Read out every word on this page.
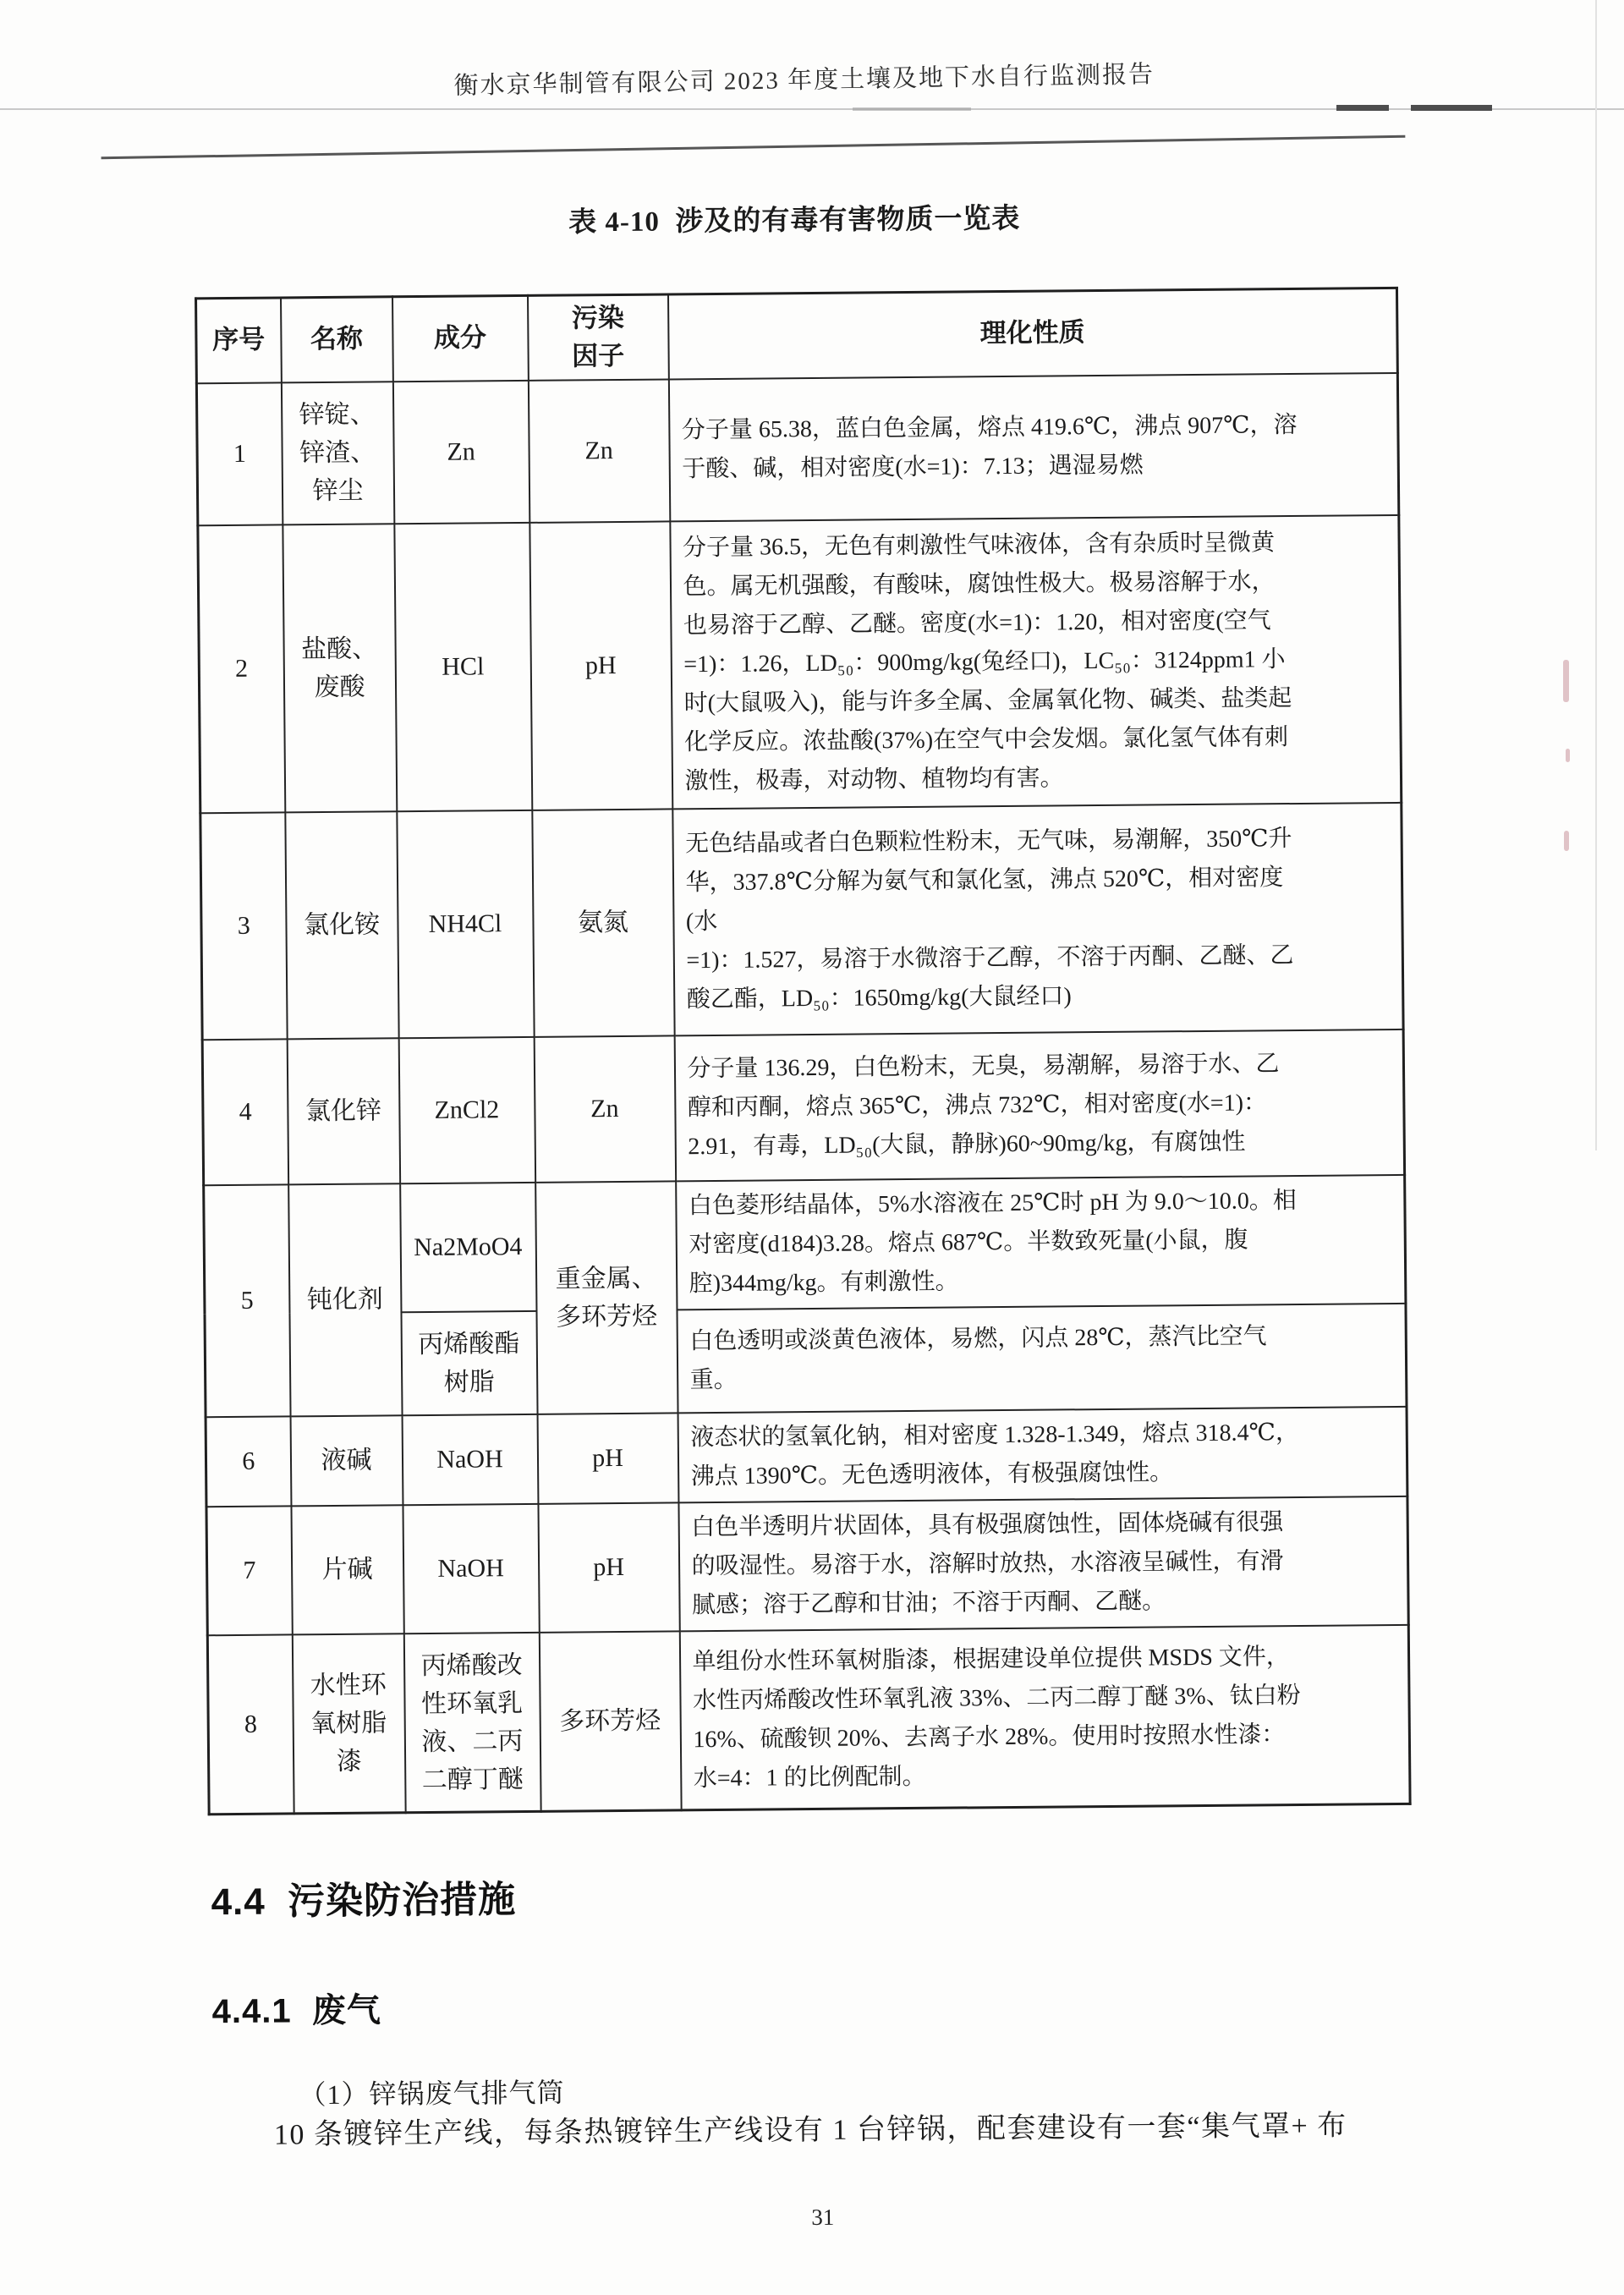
衡水京华制管有限公司 2023 年度土壤及地下水自行监测报告
表 4-10  涉及的有毒有害物质一览表
序号	名称	成分	污染
因子	理化性质
1	锌锭、
锌渣、
锌尘	Zn	Zn	分子量 65.38，蓝白色金属，熔点 419.6℃，沸点 907℃，溶
于酸、碱，相对密度(水=1)：7.13；遇湿易燃
2	盐酸、
废酸	HCl	pH	分子量 36.5，无色有刺激性气味液体，含有杂质时呈微黄
色。属无机强酸，有酸味，腐蚀性极大。极易溶解于水，
也易溶于乙醇、乙醚。密度(水=1)：1.20，相对密度(空气
=1)：1.26，LD₅₀：900mg/kg(兔经口)，LC₅₀：3124ppm1 小
时(大鼠吸入)，能与许多全属、金属氧化物、碱类、盐类起
化学反应。浓盐酸(37%)在空气中会发烟。氯化氢气体有刺
激性，极毒，对动物、植物均有害。
3	氯化铵	NH4Cl	氨氮	无色结晶或者白色颗粒性粉末，无气味，易潮解，350℃升
华，337.8℃分解为氨气和氯化氢，沸点 520℃，相对密度
(水
=1)：1.527，易溶于水微溶于乙醇，不溶于丙酮、乙醚、乙
酸乙酯，LD₅₀：1650mg/kg(大鼠经口)
4	氯化锌	ZnCl2	Zn	分子量 136.29，白色粉末，无臭，易潮解，易溶于水、乙
醇和丙酮，熔点 365℃，沸点 732℃，相对密度(水=1)：
2.91，有毒，LD₅₀(大鼠，静脉)60~90mg/kg，有腐蚀性
5	钝化剂	Na2MoO4	重金属、
多环芳烃	白色菱形结晶体，5%水溶液在 25℃时 pH 为 9.0～10.0。相
对密度(d184)3.28。熔点 687℃。半数致死量(小鼠，腹
腔)344mg/kg。有刺激性。
		丙烯酸酯
树脂		白色透明或淡黄色液体，易燃，闪点 28℃，蒸汽比空气
重。
6	液碱	NaOH	pH	液态状的氢氧化钠，相对密度 1.328-1.349，熔点 318.4℃，
沸点 1390℃。无色透明液体，有极强腐蚀性。
7	片碱	NaOH	pH	白色半透明片状固体，具有极强腐蚀性，固体烧碱有很强
的吸湿性。易溶于水，溶解时放热，水溶液呈碱性，有滑
腻感；溶于乙醇和甘油；不溶于丙酮、乙醚。
8	水性环
氧树脂
漆	丙烯酸改
性环氧乳
液、二丙
二醇丁醚	多环芳烃	单组份水性环氧树脂漆，根据建设单位提供 MSDS 文件，
水性丙烯酸改性环氧乳液 33%、二丙二醇丁醚 3%、钛白粉
16%、硫酸钡 20%、去离子水 28%。使用时按照水性漆：
水=4：1 的比例配制。
4.4  污染防治措施
4.4.1  废气
（1）锌锅废气排气筒
10 条镀锌生产线，每条热镀锌生产线设有 1 台锌锅，配套建设有一套“集气罩+ 布
31
